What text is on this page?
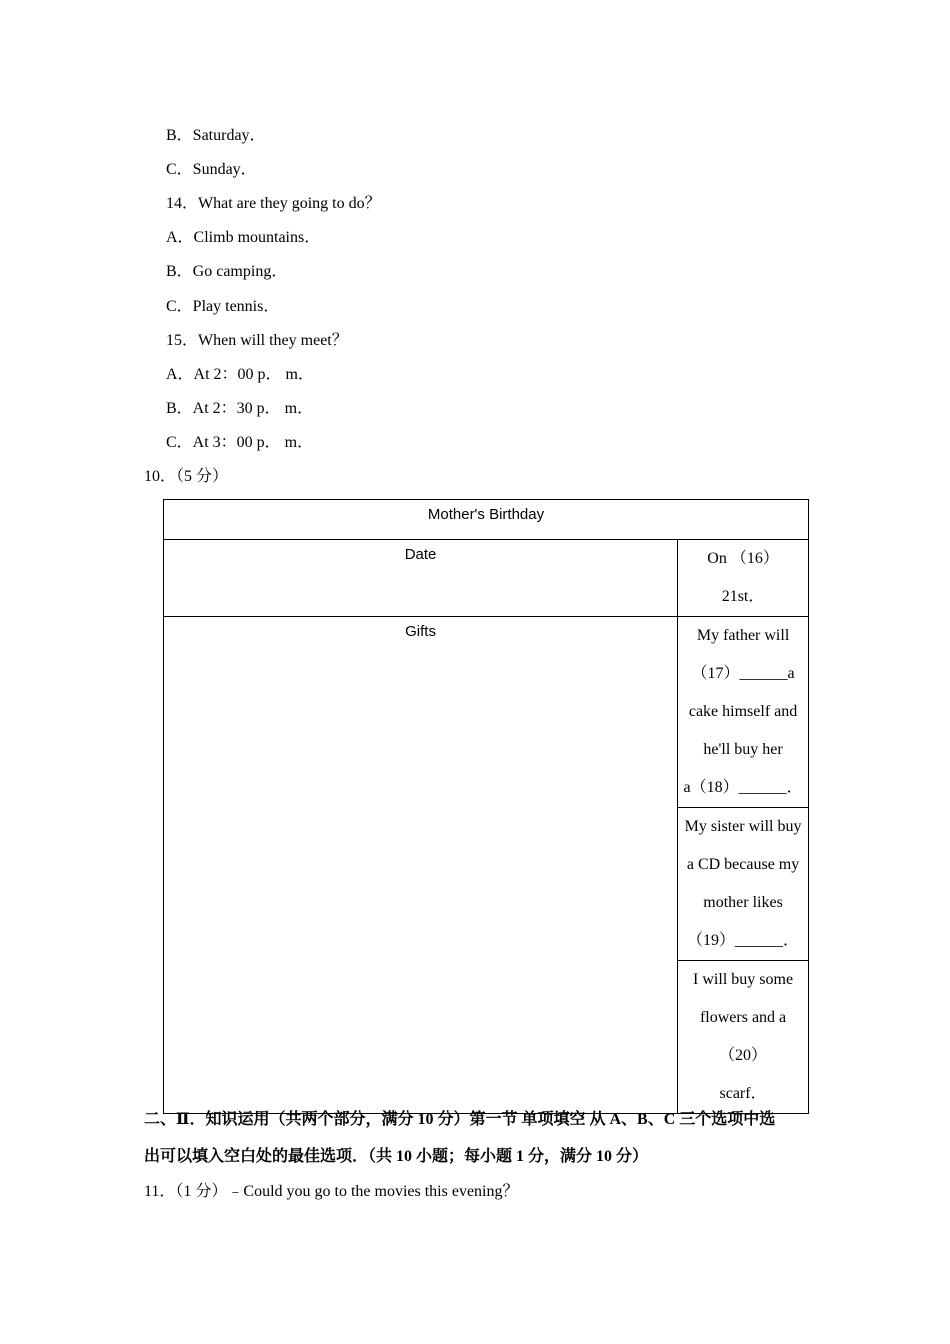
B．Saturday．
C．Sunday．
14．What are they going to do？
A．Climb mountains．
B．Go camping．
C．Play tennis．
15．When will they meet？
A．At 2：00 p． m．
B．At 2：30 p． m．
C．At 3：00 p． m．
10．（5 分）
Mother's Birthday	

Date	On （16）
21st．

Gifts	My father will
（17）______a
cake himself and
he'll buy her
a（18）______．

	My sister will buy
a CD because my
mother likes
（19）______．

	I will buy some
flowers and a
（20）
scarf．
二、Ⅱ．知识运用（共两个部分，满分 10 分）第一节 单项填空 从 A、B、C 三个选项中选
出可以填入空白处的最佳选项．（共 10 小题；每小题 1 分，满分 10 分）
11．（1 分）﹣Could you go to the movies this evening？
